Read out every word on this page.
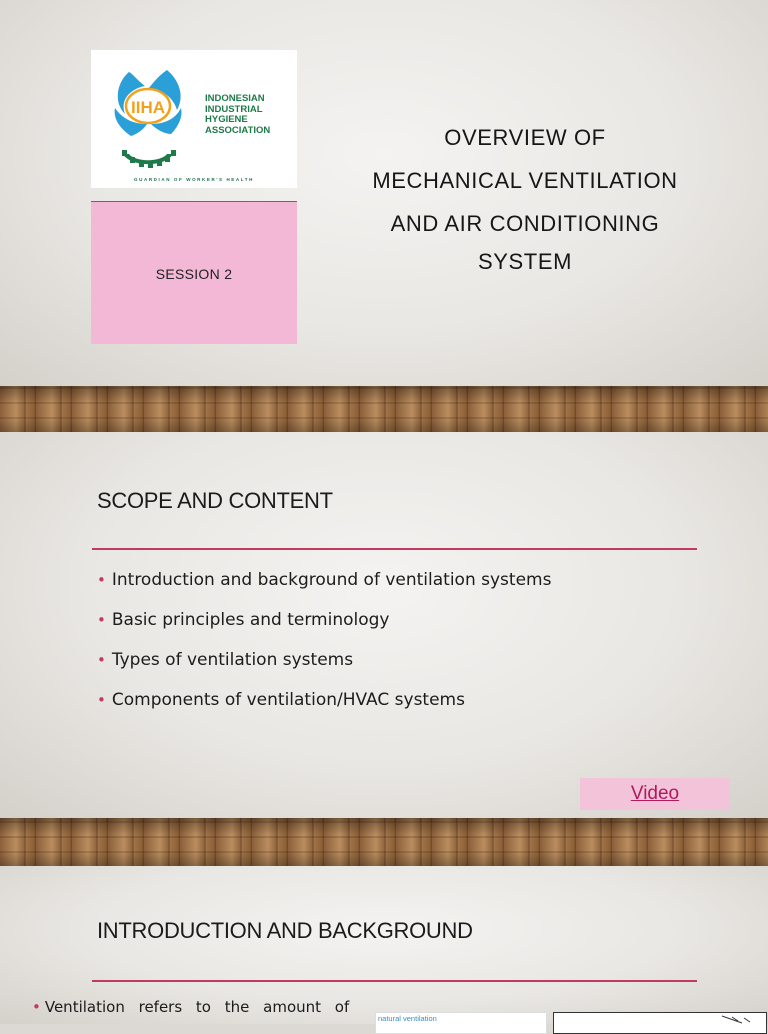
IIHA	INDONESIAN
INDUSTRIAL
HYGIENE
ASSOCIATION
GUARDIAN OF WORKER'S HEALTH
SESSION 2
OVERVIEW OF
MECHANICAL VENTILATION
AND AIR CONDITIONING
SYSTEM
SCOPE AND CONTENT
• Introduction and background of ventilation systems
• Basic principles and terminology
• Types of ventilation systems
• Components of ventilation/HVAC systems
Video
INTRODUCTION AND BACKGROUND
• Ventilation refers to the amount of
natural ventilation
